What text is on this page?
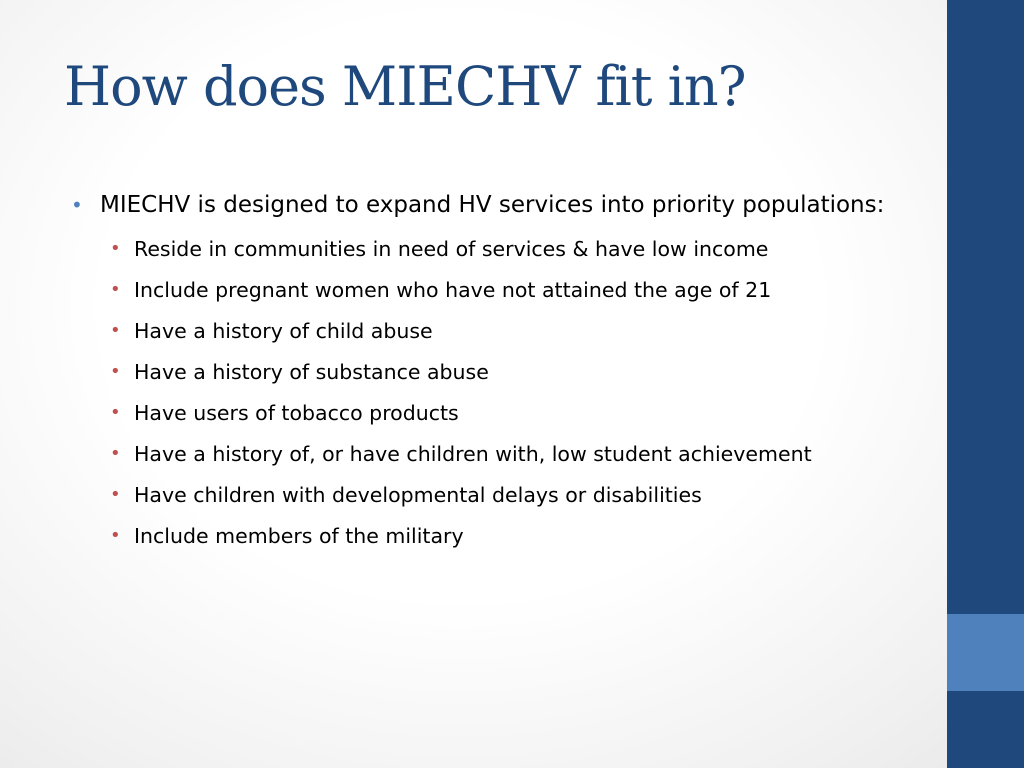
How does MIECHV fit in?
• MIECHV is designed to expand HV services into priority populations:
• Reside in communities in need of services & have low income
• Include pregnant women who have not attained the age of 21
• Have a history of child abuse
• Have a history of substance abuse
• Have users of tobacco products
• Have a history of, or have children with, low student achievement
• Have children with developmental delays or disabilities
• Include members of the military
